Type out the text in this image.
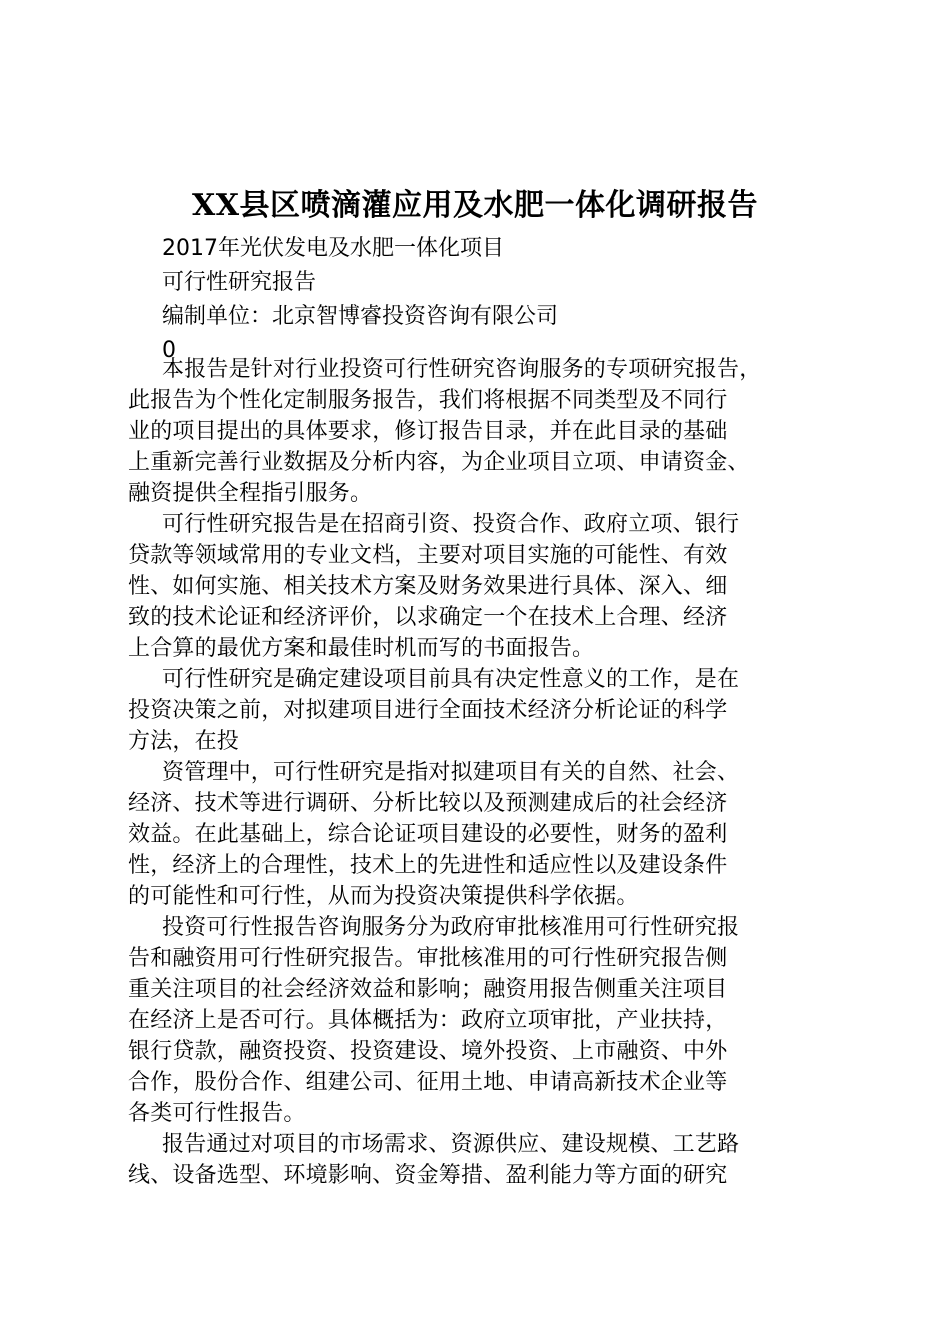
XX县区喷滴灌应用及水肥一体化调研报告
2017年光伏发电及水肥一体化项目
可行性研究报告
编制单位：北京智博睿投资咨询有限公司
0

本报告是针对行业投资可行性研究咨询服务的专项研究报告，
此报告为个性化定制服务报告，我们将根据不同类型及不同行
业的项目提出的具体要求，修订报告目录，并在此目录的基础
上重新完善行业数据及分析内容，为企业项目立项、申请资金、
融资提供全程指引服务。

可行性研究报告是在招商引资、投资合作、政府立项、银行
贷款等领域常用的专业文档，主要对项目实施的可能性、有效
性、如何实施、相关技术方案及财务效果进行具体、深入、细
致的技术论证和经济评价，以求确定一个在技术上合理、经济
上合算的最优方案和最佳时机而写的书面报告。

可行性研究是确定建设项目前具有决定性意义的工作，是在
投资决策之前，对拟建项目进行全面技术经济分析论证的科学
方法，在投

资管理中，可行性研究是指对拟建项目有关的自然、社会、
经济、技术等进行调研、分析比较以及预测建成后的社会经济
效益。在此基础上，综合论证项目建设的必要性，财务的盈利
性，经济上的合理性，技术上的先进性和适应性以及建设条件
的可能性和可行性，从而为投资决策提供科学依据。

投资可行性报告咨询服务分为政府审批核准用可行性研究报
告和融资用可行性研究报告。审批核准用的可行性研究报告侧
重关注项目的社会经济效益和影响；融资用报告侧重关注项目
在经济上是否可行。具体概括为：政府立项审批，产业扶持，
银行贷款，融资投资、投资建设、境外投资、上市融资、中外
合作，股份合作、组建公司、征用土地、申请高新技术企业等
各类可行性报告。

报告通过对项目的市场需求、资源供应、建设规模、工艺路
线、设备选型、环境影响、资金筹措、盈利能力等方面的研究
